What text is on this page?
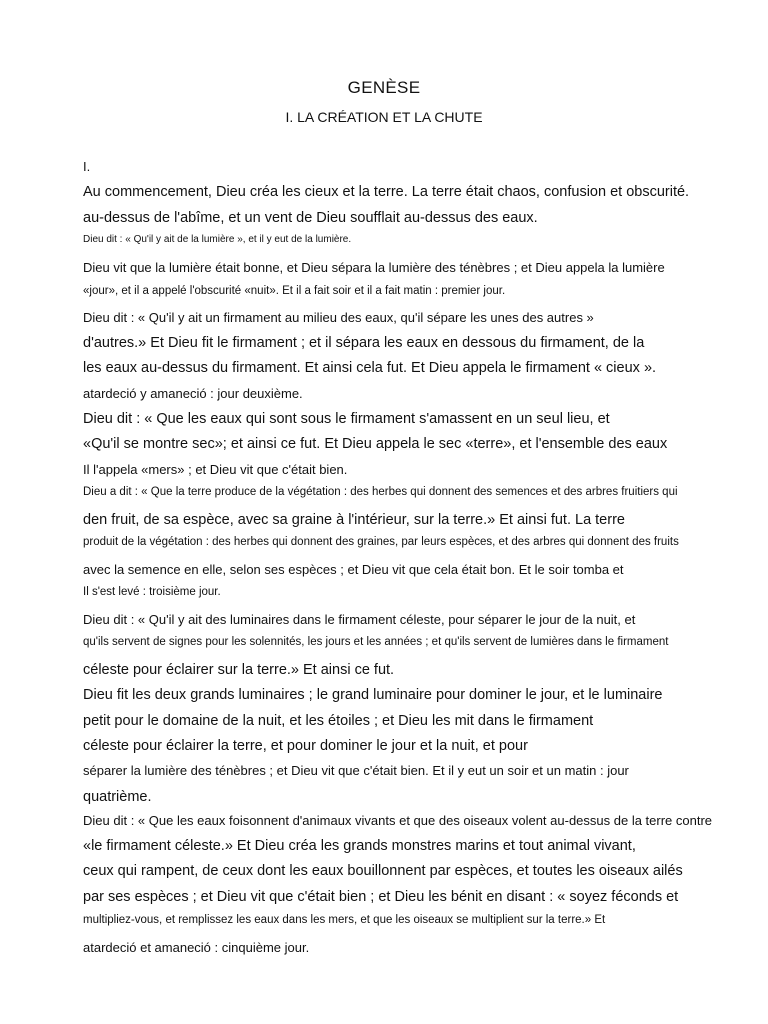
GENÈSE
I. LA CRÉATION ET LA CHUTE
I.
Au commencement, Dieu créa les cieux et la terre. La terre était chaos, confusion et obscurité.
au-dessus de l'abîme, et un vent de Dieu soufflait au-dessus des eaux.
Dieu dit : « Qu'il y ait de la lumière », et il y eut de la lumière.
Dieu vit que la lumière était bonne, et Dieu sépara la lumière des ténèbres ; et Dieu appela la lumière
«jour», et il a appelé l'obscurité «nuit». Et il a fait soir et il a fait matin : premier jour.
Dieu dit : « Qu'il y ait un firmament au milieu des eaux, qu'il sépare les unes des autres »
d'autres.» Et Dieu fit le firmament ; et il sépara les eaux en dessous du firmament, de la
les eaux au-dessus du firmament. Et ainsi cela fut. Et Dieu appela le firmament « cieux ».
atardeció y amaneció : jour deuxième.
Dieu dit : « Que les eaux qui sont sous le firmament s'amassent en un seul lieu, et
«Qu'il se montre sec»; et ainsi ce fut. Et Dieu appela le sec «terre», et l'ensemble des eaux
Il l'appela «mers» ; et Dieu vit que c'était bien.
Dieu a dit : « Que la terre produce de la végétation : des herbes qui donnent des semences et des arbres fruitiers qui
den fruit, de sa espèce, avec sa graine à l'intérieur, sur la terre.» Et ainsi fut. La terre
produit de la végétation : des herbes qui donnent des graines, par leurs espèces, et des arbres qui donnent des fruits
avec la semence en elle, selon ses espèces ; et Dieu vit que cela était bon. Et le soir tomba et
Il s'est levé : troisième jour.
Dieu dit : « Qu'il y ait des luminaires dans le firmament céleste, pour séparer le jour de la nuit, et
qu'ils servent de signes pour les solennités, les jours et les années ; et qu'ils servent de lumières dans le firmament
céleste pour éclairer sur la terre.» Et ainsi ce fut.
Dieu fit les deux grands luminaires ; le grand luminaire pour dominer le jour, et le luminaire
petit pour le domaine de la nuit, et les étoiles ; et Dieu les mit dans le firmament
céleste pour éclairer la terre, et pour dominer le jour et la nuit, et pour
séparer la lumière des ténèbres ; et Dieu vit que c'était bien. Et il y eut un soir et un matin : jour
quatrième.
Dieu dit : « Que les eaux foisonnent d'animaux vivants et que des oiseaux volent au-dessus de la terre contre
«le firmament céleste.» Et Dieu créa les grands monstres marins et tout animal vivant,
ceux qui rampent, de ceux dont les eaux bouillonnent par espèces, et toutes les oiseaux ailés
par ses espèces ; et Dieu vit que c'était bien ; et Dieu les bénit en disant : « soyez féconds et
multipliez-vous, et remplissez les eaux dans les mers, et que les oiseaux se multiplient sur la terre.» Et
atardeció et amaneció : cinquième jour.
